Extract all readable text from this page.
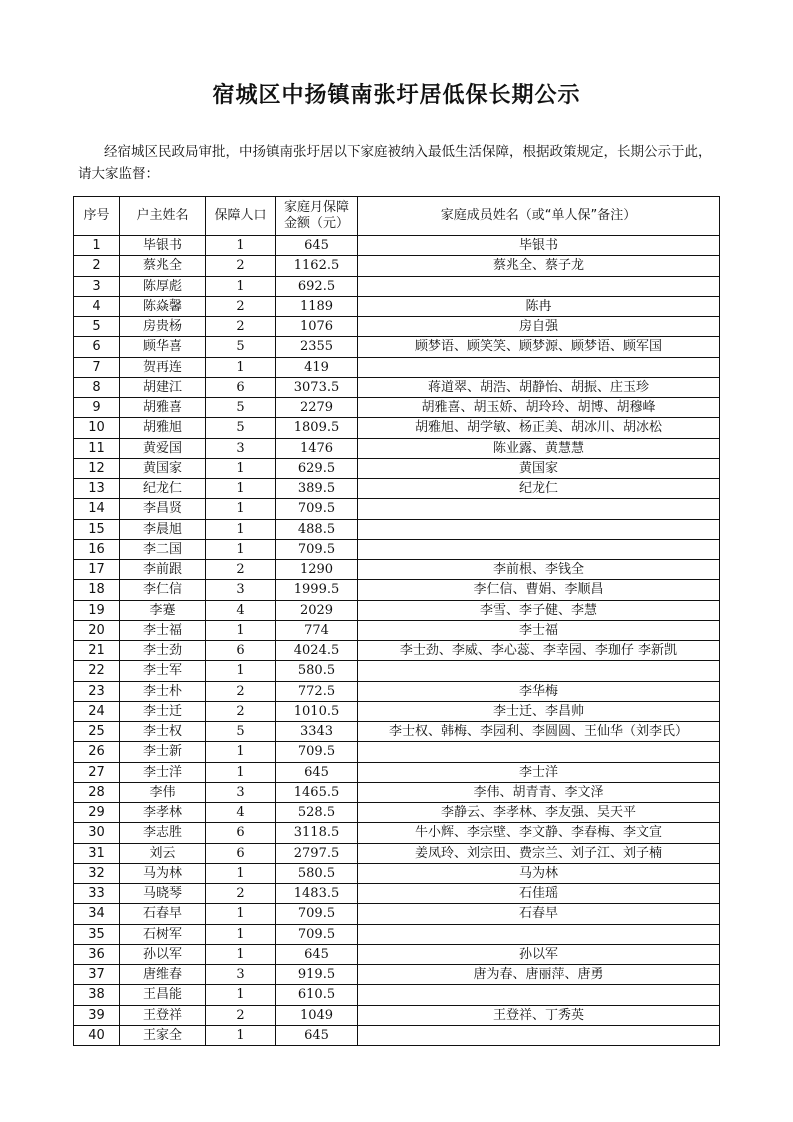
宿城区中扬镇南张圩居低保长期公示
经宿城区民政局审批，中扬镇南张圩居以下家庭被纳入最低生活保障，根据政策规定，长期公示于此，请大家监督：
序号	户主姓名	保障人口	家庭月保障金额（元）	家庭成员姓名（或“单人保”备注）
1	毕银书	1	645	毕银书
2	蔡兆全	2	1162.5	蔡兆全、蔡子龙
3	陈厚彪	1	692.5	
4	陈焱馨	2	1189	陈冉
5	房贵杨	2	1076	房自强
6	顾华喜	5	2355	顾梦语、顾笑笑、顾梦源、顾梦语、顾军国
7	贺再连	1	419	
8	胡建江	6	3073.5	蒋道翠、胡浩、胡静怡、胡振、庄玉珍
9	胡雅喜	5	2279	胡雅喜、胡玉娇、胡玲玲、胡博、胡穆峰
10	胡雅旭	5	1809.5	胡雅旭、胡学敏、杨正美、胡冰川、胡冰松
11	黄爱国	3	1476	陈业露、黄慧慧
12	黄国家	1	629.5	黄国家
13	纪龙仁	1	389.5	纪龙仁
14	李昌贤	1	709.5	
15	李晨旭	1	488.5	
16	李二国	1	709.5	
17	李前跟	2	1290	李前根、李钱全
18	李仁信	3	1999.5	李仁信、曹娟、李顺昌
19	李蹇	4	2029	李雪、李子健、李慧
20	李士福	1	774	李士福
21	李士劲	6	4024.5	李士劲、李威、李心蕊、李幸园、李珈仔 李新凯
22	李士军	1	580.5	
23	李士朴	2	772.5	李华梅
24	李士迁	2	1010.5	李士迁、李昌帅
25	李士权	5	3343	李士权、韩梅、李园利、李圆圆、王仙华（刘李氏）
26	李士新	1	709.5	
27	李士洋	1	645	李士洋
28	李伟	3	1465.5	李伟、胡青青、李文泽
29	李孝林	4	528.5	李静云、李孝林、李友强、吴天平
30	李志胜	6	3118.5	牛小辉、李宗壁、李文静、李春梅、李文宣
31	刘云	6	2797.5	姜凤玲、刘宗田、费宗兰、刘子江、刘子楠
32	马为林	1	580.5	马为林
33	马晓琴	2	1483.5	石佳瑶
34	石春早	1	709.5	石春早
35	石树军	1	709.5	
36	孙以军	1	645	孙以军
37	唐维春	3	919.5	唐为春、唐丽萍、唐勇
38	王昌能	1	610.5	
39	王登祥	2	1049	王登祥、丁秀英
40	王家全	1	645	
